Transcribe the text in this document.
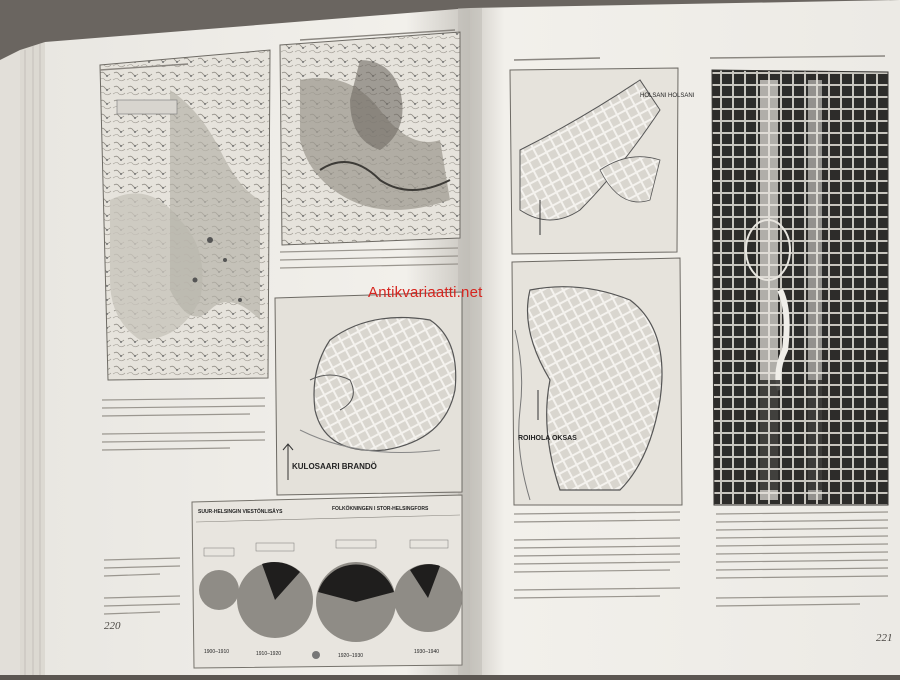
KULOSAARI BRANDÖ
SUUR-HELSINGIN VIESTÖNLISÄYS	FOLKÖKNINGEN I STOR-HELSINGFORS
1900–1910	1910–1920	1920–1930
1930–1940
HOLSANI HOLSANI
ROIHOLA OKSAS
220
221
Antikvariaatti.net
